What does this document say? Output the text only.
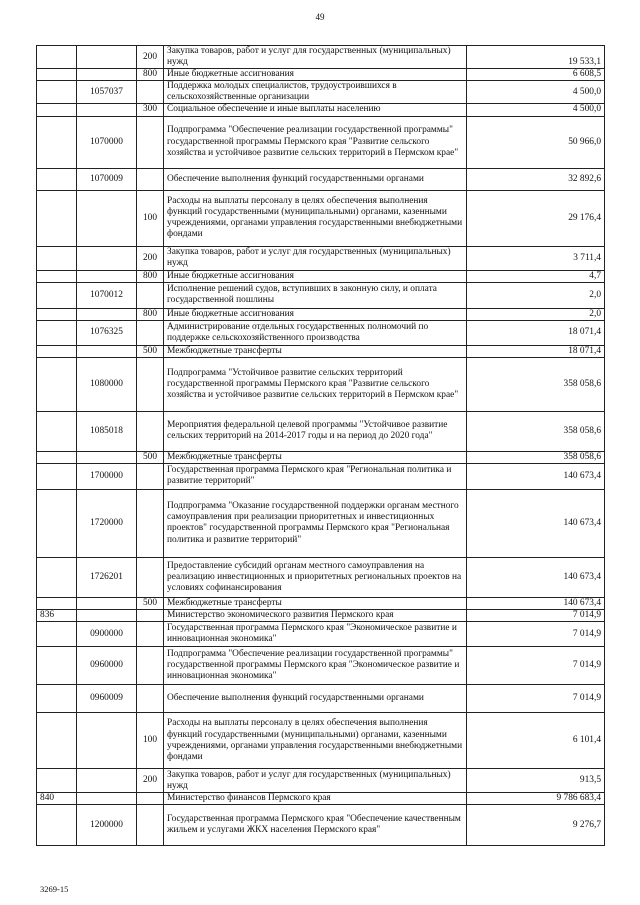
49
		200	Закупка товаров, работ и услуг для государственных (муниципальных) нужд	19 533,1
		800	Иные бюджетные ассигнования	6 608,5
	1057037		Поддержка молодых специалистов, трудоустроившихся в сельскохозяйственные организации	4 500,0
		300	Социальное обеспечение и иные выплаты населению	4 500,0
	1070000		Подпрограмма "Обеспечение реализации государственной программы" государственной программы Пермского края "Развитие сельского хозяйства и устойчивое развитие сельских территорий в Пермском крае"	50 966,0
	1070009		Обеспечение выполнения функций государственными органами	32 892,6
		100	Расходы на выплаты персоналу в целях обеспечения выполнения функций государственными (муниципальными) органами, казенными учреждениями, органами управления государственными внебюджетными фондами	29 176,4
		200	Закупка товаров, работ и услуг для государственных (муниципальных) нужд	3 711,4
		800	Иные бюджетные ассигнования	4,7
	1070012		Исполнение решений судов, вступивших в законную силу, и оплата государственной пошлины	2,0
		800	Иные бюджетные ассигнования	2,0
	1076325		Администрирование отдельных государственных полномочий по поддержке сельскохозяйственного производства	18 071,4
		500	Межбюджетные трансферты	18 071,4
	1080000		Подпрограмма "Устойчивое развитие сельских территорий государственной программы Пермского края "Развитие сельского хозяйства и устойчивое развитие сельских территорий в Пермском крае"	358 058,6
	1085018		Мероприятия федеральной целевой программы "Устойчивое развитие сельских территорий на 2014-2017 годы и на период до 2020 года"	358 058,6
		500	Межбюджетные трансферты	358 058,6
	1700000		Государственная программа Пермского края "Региональная политика и развитие территорий"	140 673,4
	1720000		Подпрограмма "Оказание государственной поддержки органам местного самоуправления при реализации приоритетных и инвестиционных проектов" государственной программы Пермского края "Региональная политика и развитие территорий"	140 673,4
	1726201		Предоставление субсидий органам местного самоуправления на реализацию инвестиционных и приоритетных региональных проектов на условиях софинансирования	140 673,4
		500	Межбюджетные трансферты	140 673,4
836			Министерство экономического развития Пермского края	7 014,9
	0900000		Государственная программа Пермского края "Экономическое развитие и инновационная экономика"	7 014,9
	0960000		Подпрограмма "Обеспечение реализации государственной программы" государственной программы Пермского края "Экономическое развитие и инновационная экономика"	7 014,9
	0960009		Обеспечение выполнения функций государственными органами	7 014,9
		100	Расходы на выплаты персоналу в целях обеспечения выполнения функций государственными (муниципальными) органами, казенными учреждениями, органами управления государственными внебюджетными фондами	6 101,4
		200	Закупка товаров, работ и услуг для государственных (муниципальных) нужд	913,5
840			Министерство финансов Пермского края	9 786 683,4
	1200000		Государственная программа Пермского края "Обеспечение качественным жильем и услугами ЖКХ населения Пермского края"	9 276,7
3269-15
